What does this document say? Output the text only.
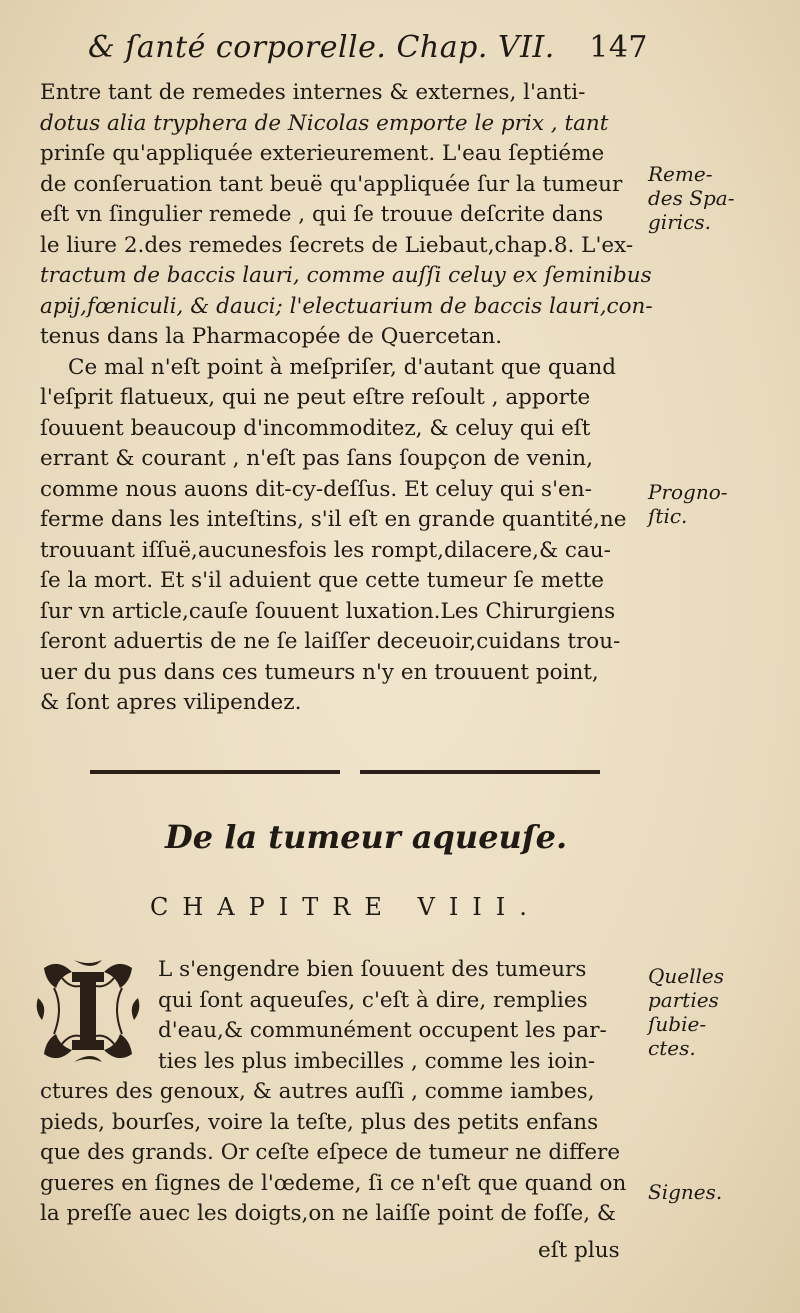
& ſanté corporelle. Chap. VII. 147
Entre tant de remedes internes & externes, l'anti-
dotus alia tryphera de Nicolas emporte le prix , tant
prinſe qu'appliquée exterieurement. L'eau ſeptiéme
de conſeruation tant beuë qu'appliquée ſur la tumeur
eſt vn ſingulier remede , qui ſe trouue deſcrite dans
le liure 2.des remedes ſecrets de Liebaut,chap.8. L'ex-
tractum de baccis lauri, comme auſſi celuy ex ſeminibus
apij,fœniculi, & dauci; l'electuarium de baccis lauri,con-
tenus dans la Pharmacopée de Quercetan.
Ce mal n'eſt point à meſpriſer, d'autant que quand
l'eſprit flatueux, qui ne peut eſtre reſoult , apporte
ſouuent beaucoup d'incommoditez, & celuy qui eſt
errant & courant , n'eſt pas ſans ſoupçon de venin,
comme nous auons dit-cy-deſſus. Et celuy qui s'en-
ferme dans les inteſtins, s'il eſt en grande quantité,ne
trouuant iſſuë,aucunesfois les rompt,dilacere,& cau-
ſe la mort. Et s'il aduient que cette tumeur ſe mette
ſur vn article,cauſe ſouuent luxation.Les Chirurgiens
ſeront aduertis de ne ſe laiſſer deceuoir,cuidans trou-
uer du pus dans ces tumeurs n'y en trouuent point,
& ſont apres vilipendez.
Reme-
des Spa-
girics.
Progno-
ſtic.
De la tumeur aqueuſe.
CHAPITRE VIII.
L s'engendre bien ſouuent des tumeurs
qui ſont aqueuſes, c'eſt à dire, remplies
d'eau,& communément occupent les par-
ties les plus imbecilles , comme les ioin-
ctures des genoux, & autres auſſi , comme iambes,
pieds, bourſes, voire la teſte, plus des petits enfans
que des grands. Or ceſte eſpece de tumeur ne differe
gueres en ſignes de l'œdeme, ſi ce n'eſt que quand on
la preſſe auec les doigts,on ne laiſſe point de foſſe, &
eſt plus
Quelles
parties
ſubie-
ctes.
Signes.
